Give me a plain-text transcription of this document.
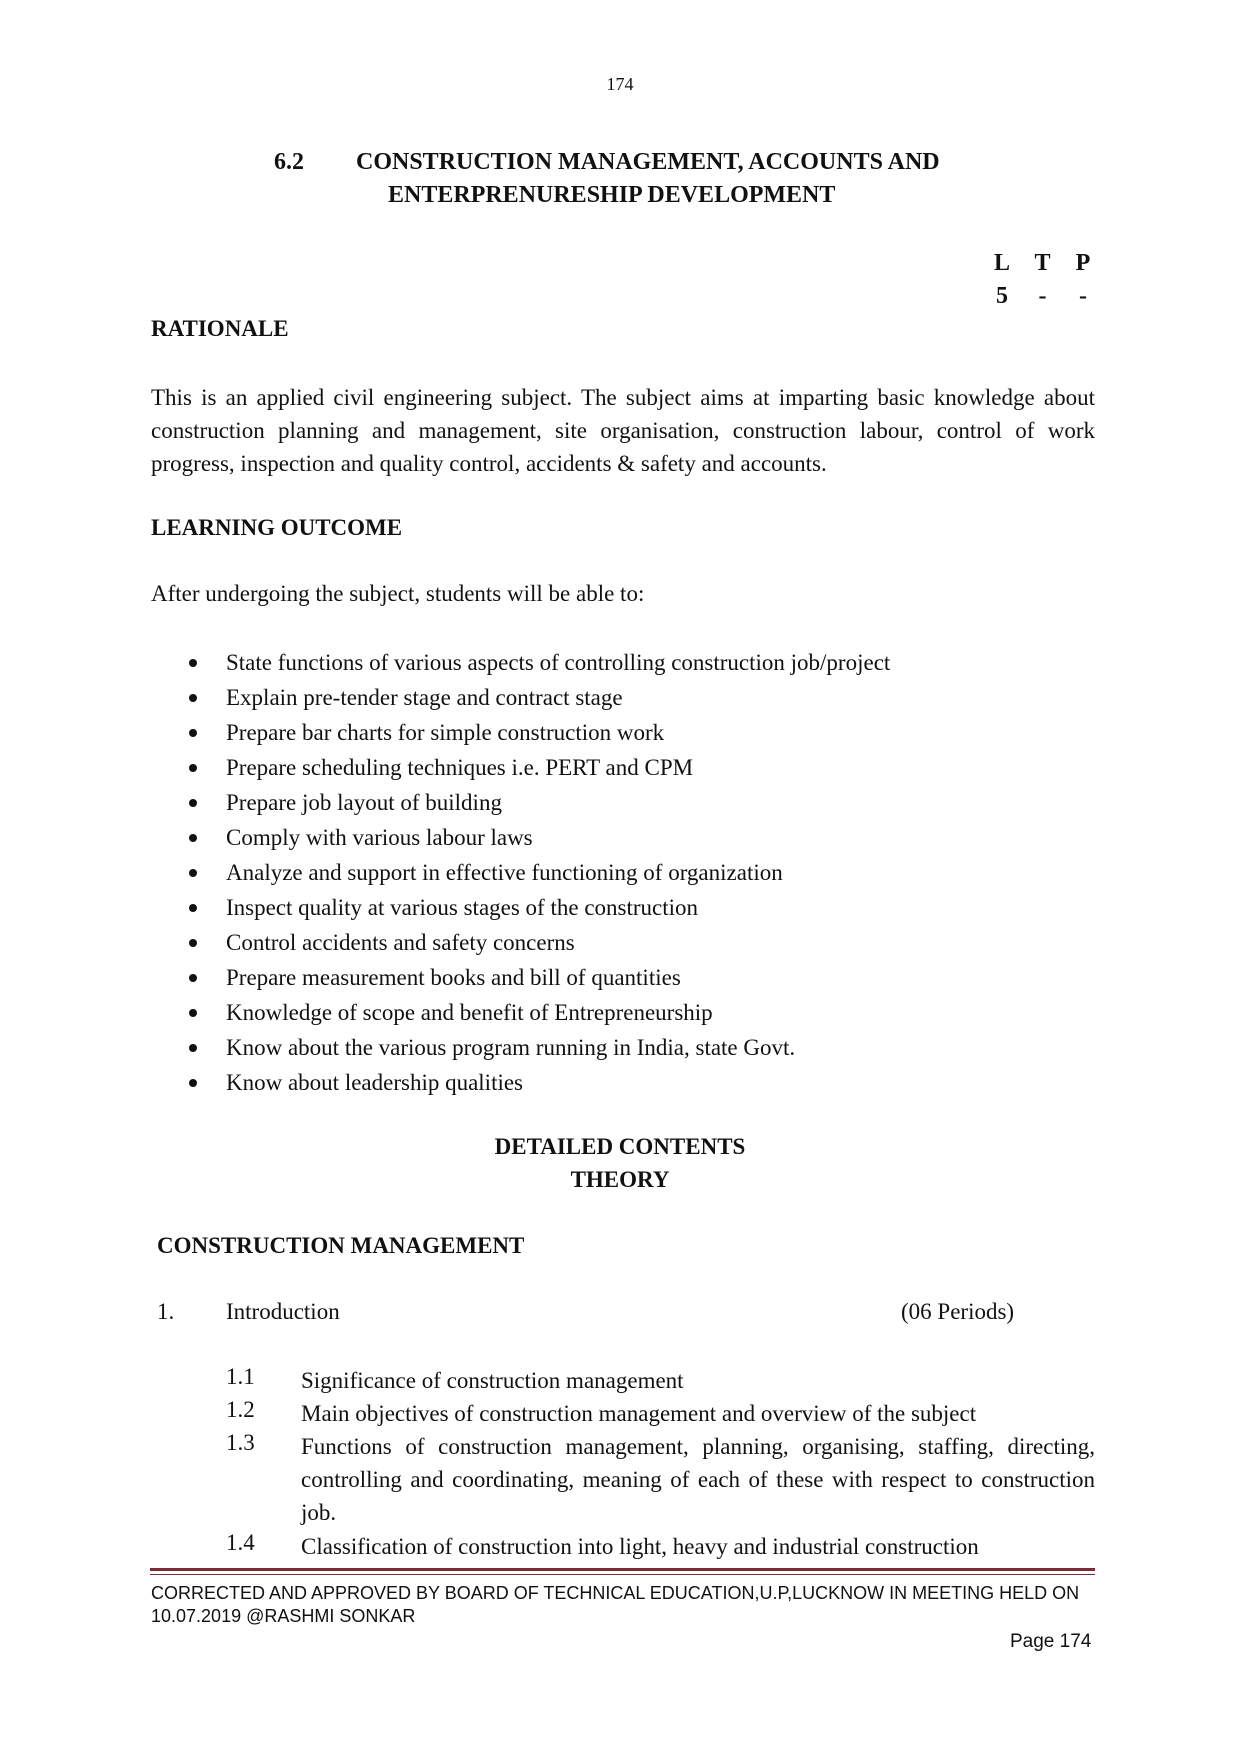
174
6.2 CONSTRUCTION MANAGEMENT, ACCOUNTS AND
ENTERPRENURESHIP DEVELOPMENT
L T P
5	-	-
RATIONALE
This is an applied civil engineering subject. The subject aims at imparting basic knowledge about construction planning and management, site organisation, construction labour, control of work progress, inspection and quality control, accidents & safety and accounts.
LEARNING OUTCOME
After undergoing the subject, students will be able to:
State functions of various aspects of controlling construction job/project
Explain pre-tender stage and contract stage
Prepare bar charts for simple construction work
Prepare scheduling techniques i.e. PERT and CPM
Prepare job layout of building
Comply with various labour laws
Analyze and support in effective functioning of organization
Inspect quality at various stages of the construction
Control accidents and safety concerns
Prepare measurement books and bill of quantities
Knowledge of scope and benefit of Entrepreneurship
Know about the various program running in India, state Govt.
Know about leadership qualities
DETAILED CONTENTS
THEORY
CONSTRUCTION MANAGEMENT
1. Introduction	(06 Periods)
1.1 Significance of construction management
1.2 Main objectives of construction management and overview of the subject
1.3 Functions of construction management, planning, organising, staffing, directing, controlling and coordinating, meaning of each of these with respect to construction job.
1.4 Classification of construction into light, heavy and industrial construction
CORRECTED AND APPROVED BY BOARD OF TECHNICAL EDUCATION,U.P,LUCKNOW IN MEETING HELD ON 10.07.2019 @RASHMI SONKAR
Page 174
